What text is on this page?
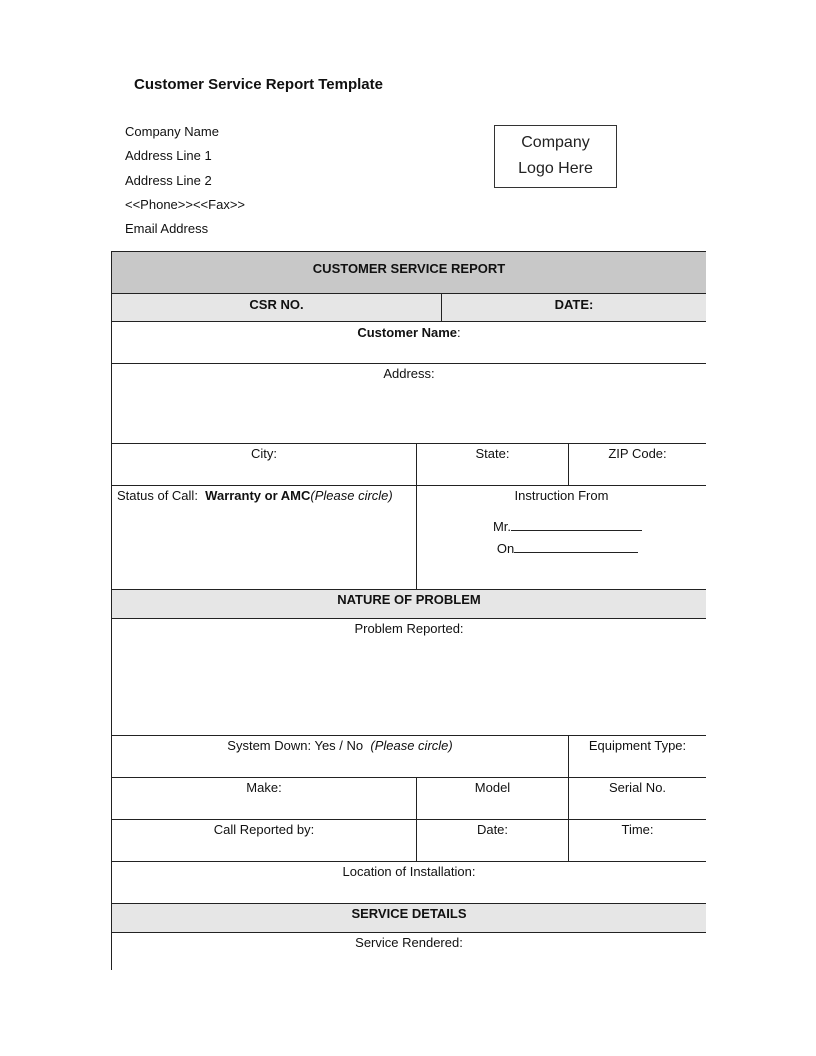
Customer Service Report Template
Company Name
Address Line 1
Address Line 2
<<Phone>><<Fax>>
Email Address
Company
Logo Here
CUSTOMER SERVICE REPORT
CSR NO.	DATE:
Customer Name:
Address:
City:	State:	ZIP Code:
Status of Call: Warranty or AMC(Please circle)	Instruction From
Mr.
On
NATURE OF PROBLEM
Problem Reported:
System Down: Yes / No (Please circle)	Equipment Type:
Make:	Model	Serial No.
Call Reported by:	Date:	Time:
Location of Installation:
SERVICE DETAILS
Service Rendered:
